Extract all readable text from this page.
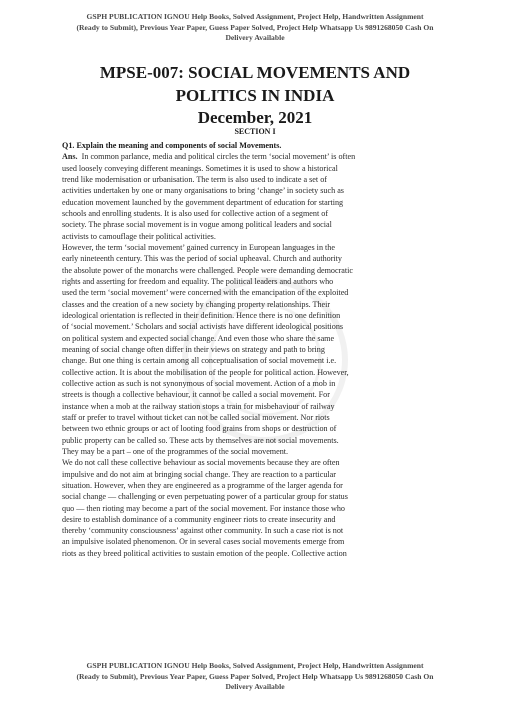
GSPH PUBLICATION IGNOU Help Books, Solved Assignment, Project Help, Handwritten Assignment
(Ready to Submit), Previous Year Paper, Guess Paper Solved, Project Help Whatsapp Us 9891268050 Cash On
Delivery Available
MPSE-007: SOCIAL MOVEMENTS AND
POLITICS IN INDIA
December, 2021
SECTION I
Q1. Explain the meaning and components of social Movements.
Ans. In common parlance, media and political circles the term ‘social movement’ is often
used loosely conveying different meanings. Sometimes it is used to show a historical
trend like modernisation or urbanisation. The term is also used to indicate a set of
activities undertaken by one or many organisations to bring ‘change’ in society such as
education movement launched by the government department of education for starting
schools and enrolling students. It is also used for collective action of a segment of
society. The phrase social movement is in vogue among political leaders and social
activists to camouflage their political activities.
However, the term ‘social movement’ gained currency in European languages in the
early nineteenth century. This was the period of social upheaval. Church and authority
the absolute power of the monarchs were challenged. People were demanding democratic
rights and asserting for freedom and equality. The political leaders and authors who
used the term ‘social movement’ were concerned with the emancipation of the exploited
classes and the creation of a new society by changing property relationships. Their
ideological orientation is reflected in their definition. Hence there is no one definition
of ‘social movement.’ Scholars and social activists have different ideological positions
on political system and expected social change. And even those who share the same
meaning of social change often differ in their views on strategy and path to bring
change. But one thing is certain among all conceptualisation of social movement i.e.
collective action. It is about the mobilisation of the people for political action. However,
collective action as such is not synonymous of social movement. Action of a mob in
streets is though a collective behaviour, it cannot be called a social movement. For
instance when a mob at the railway station stops a train for misbehaviour of railway
staff or prefer to travel without ticket can not be called social movement. Nor riots
between two ethnic groups or act of looting food grains from shops or destruction of
public property can be called so. These acts by themselves are not social movements.
They may be a part – one of the programmes of the social movement.
We do not call these collective behaviour as social movements because they are often
impulsive and do not aim at bringing social change. They are reaction to a particular
situation. However, when they are engineered as a programme of the larger agenda for
social change — challenging or even perpetuating power of a particular group for status
quo — then rioting may become a part of the social movement. For instance those who
desire to establish dominance of a community engineer riots to create insecurity and
thereby ‘community consciousness’ against other community. In such a case riot is not
an impulsive isolated phenomenon. Or in several cases social movements emerge from
riots as they breed political activities to sustain emotion of the people. Collective action
GSPH PUBLICATION IGNOU Help Books, Solved Assignment, Project Help, Handwritten Assignment
(Ready to Submit), Previous Year Paper, Guess Paper Solved, Project Help Whatsapp Us 9891268050 Cash On
Delivery Available
